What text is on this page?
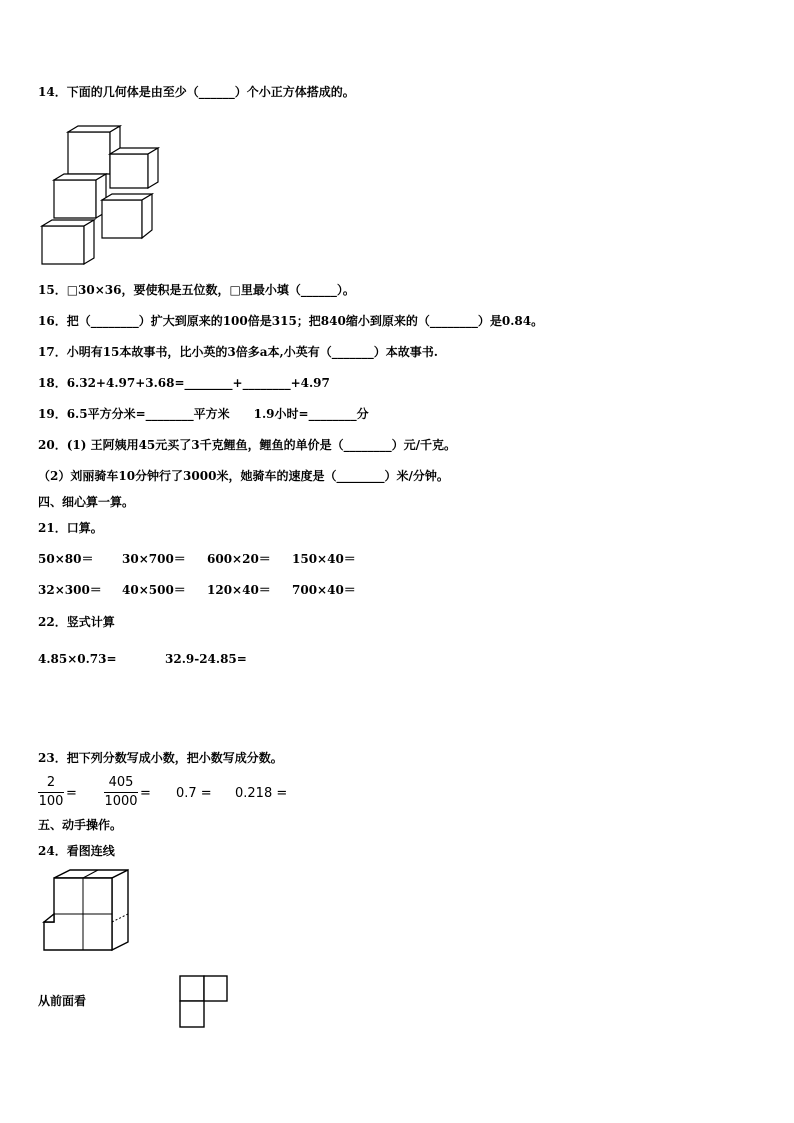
14．下面的几何体是由至少（______）个小正方体搭成的。
15．□30×36，要使积是五位数，□里最小填（______）。
16．把（________）扩大到原来的100倍是315；把840缩小到原来的（________）是0.84。
17．小明有15本故事书，比小英的3倍多a本,小英有（_______）本故事书.
18．6.32+4.97+3.68=________+________+4.97
19．6.5平方分米=________平方米　　1.9小时=________分
20．(1) 王阿姨用45元买了3千克鲤鱼，鲤鱼的单价是（________）元/千克。
（2）刘丽骑车10分钟行了3000米，她骑车的速度是（________）米/分钟。
四、细心算一算。
21．口算。
50×80＝ 30×700＝ 600×20＝ 150×40＝
32×300＝ 40×500＝ 120×40＝ 700×40＝
22．竖式计算
4.85×0.73=	32.9-24.85=
23．把下列分数写成小数，把小数写成分数。
2
100
=
405
1000
= 0.7 = 0.218 =
五、动手操作。
24．看图连线
从前面看
